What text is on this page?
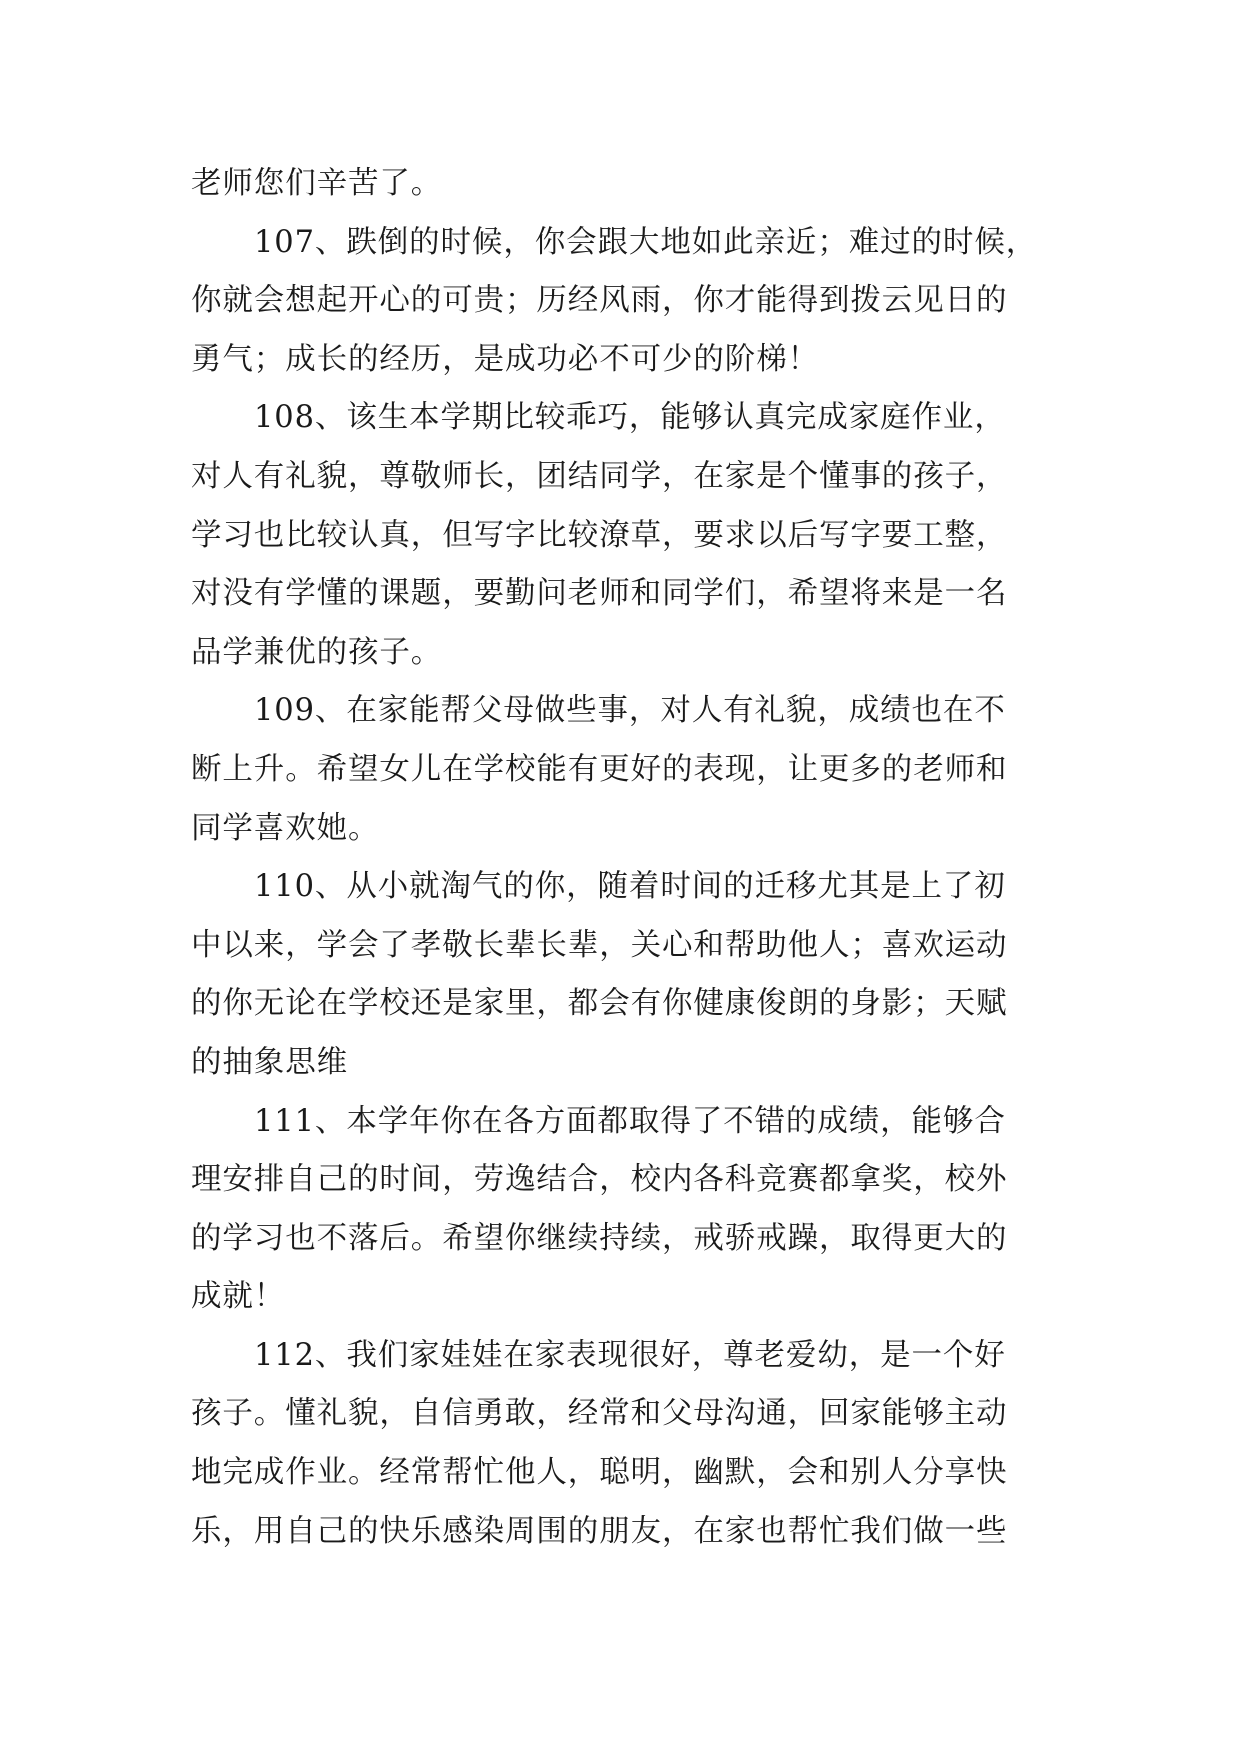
老师您们辛苦了。
107、跌倒的时候，你会跟大地如此亲近；难过的时候，
你就会想起开心的可贵；历经风雨，你才能得到拨云见日的
勇气；成长的经历，是成功必不可少的阶梯！
108、该生本学期比较乖巧，能够认真完成家庭作业，
对人有礼貌，尊敬师长，团结同学，在家是个懂事的孩子，
学习也比较认真，但写字比较潦草，要求以后写字要工整，
对没有学懂的课题，要勤问老师和同学们，希望将来是一名
品学兼优的孩子。
109、在家能帮父母做些事，对人有礼貌，成绩也在不
断上升。希望女儿在学校能有更好的表现，让更多的老师和
同学喜欢她。
110、从小就淘气的你，随着时间的迁移尤其是上了初
中以来，学会了孝敬长辈长辈，关心和帮助他人；喜欢运动
的你无论在学校还是家里，都会有你健康俊朗的身影；天赋
的抽象思维
111、本学年你在各方面都取得了不错的成绩，能够合
理安排自己的时间，劳逸结合，校内各科竞赛都拿奖，校外
的学习也不落后。希望你继续持续，戒骄戒躁，取得更大的
成就！
112、我们家娃娃在家表现很好，尊老爱幼，是一个好
孩子。懂礼貌，自信勇敢，经常和父母沟通，回家能够主动
地完成作业。经常帮忙他人，聪明，幽默，会和别人分享快
乐，用自己的快乐感染周围的朋友，在家也帮忙我们做一些
